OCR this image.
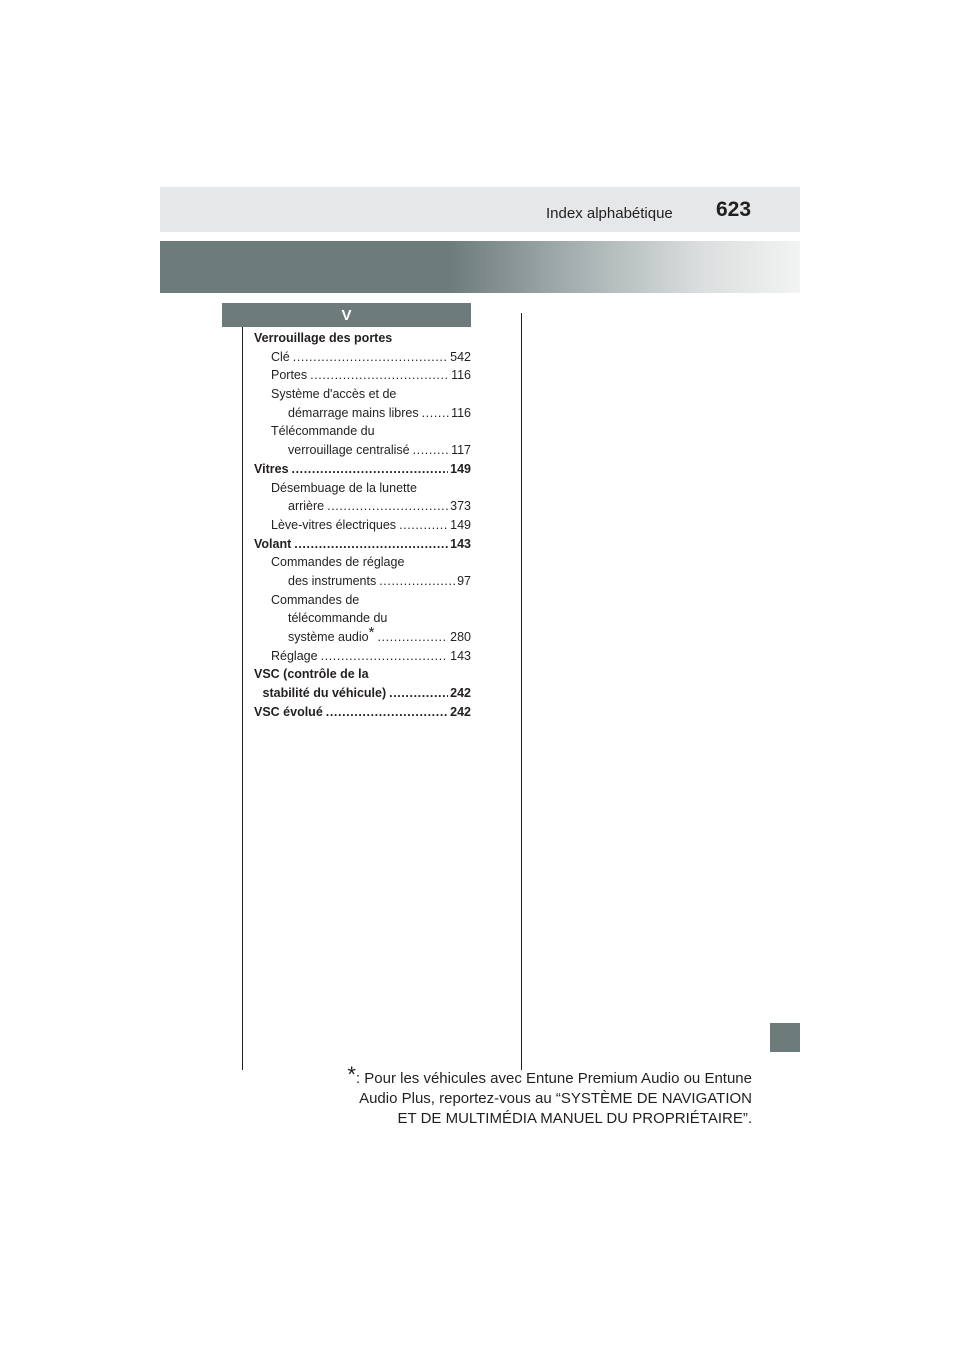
Index alphabétique 623
V
Verrouillage des portes
Clé .....	542
Portes .....	116
Système d'accès et de
démarrage mains libres .....	116
Télécommande du
verrouillage centralisé .....	117
Vitres .....	149
Désembuage de la lunette
arrière .....	373
Lève-vitres électriques .....	149
Volant .....	143
Commandes de réglage
des instruments .....	97
Commandes de
télécommande du
système audio* .....	280
Réglage .....	143
VSC (contrôle de la
stabilité du véhicule) .....	242
VSC évolué .....	242
*: Pour les véhicules avec Entune Premium Audio ou Entune
Audio Plus, reportez-vous au “SYSTÈME DE NAVIGATION
ET DE MULTIMÉDIA MANUEL DU PROPRIÉTAIRE”.
